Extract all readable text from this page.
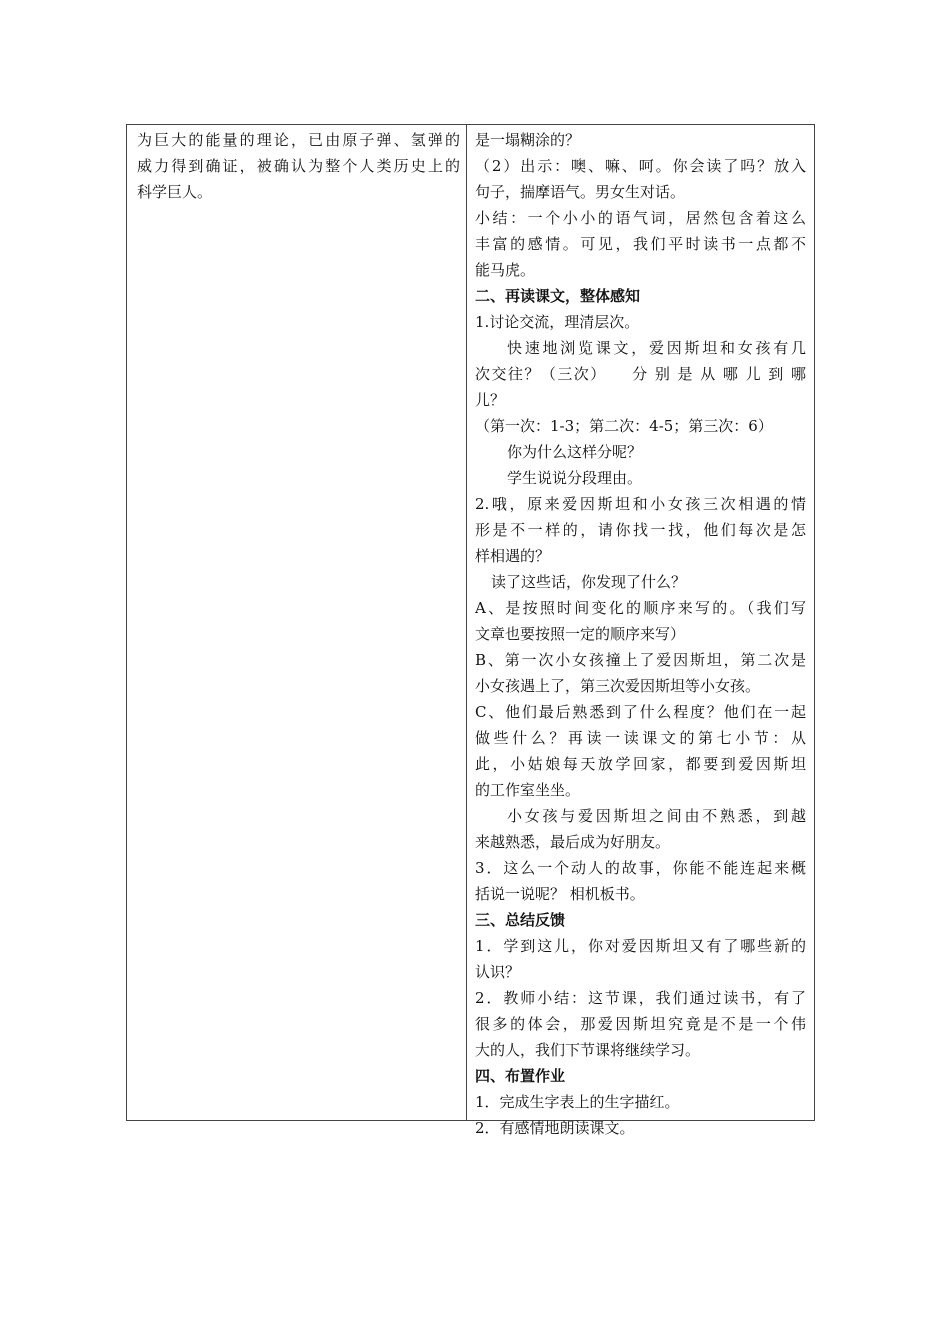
为巨大的能量的理论，已由原子弹、氢弹的
威力得到确证，被确认为整个人类历史上的
科学巨人。
是一塌糊涂的？
（2）出示：噢、嘛、呵。你会读了吗？放入
句子，揣摩语气。男女生对话。
小结：一个小小的语气词，居然包含着这么
丰富的感情。可见，我们平时读书一点都不
能马虎。
二、再读课文，整体感知
1.讨论交流，理清层次。
快速地浏览课文，爱因斯坦和女孩有几
次交往？（三次）　　分 别 是 从 哪 儿 到 哪
儿？
（第一次：1-3；第二次：4-5；第三次：6）
你为什么这样分呢？
学生说说分段理由。
2.哦，原来爱因斯坦和小女孩三次相遇的情
形是不一样的，请你找一找，他们每次是怎
样相遇的？
读了这些话，你发现了什么？
A、是按照时间变化的顺序来写的。（我们写
文章也要按照一定的顺序来写）
B、第一次小女孩撞上了爱因斯坦，第二次是
小女孩遇上了，第三次爱因斯坦等小女孩。
C、他们最后熟悉到了什么程度？他们在一起
做些什么？再读一读课文的第七小节：从
此，小姑娘每天放学回家，都要到爱因斯坦
的工作室坐坐。
小女孩与爱因斯坦之间由不熟悉，到越
来越熟悉，最后成为好朋友。
3．这么一个动人的故事，你能不能连起来概
括说一说呢？ 相机板书。
三、总结反馈
1．学到这儿，你对爱因斯坦又有了哪些新的
认识？
2．教师小结：这节课，我们通过读书，有了
很多的体会，那爱因斯坦究竟是不是一个伟
大的人，我们下节课将继续学习。
四、布置作业
1．完成生字表上的生字描红。
2．有感情地朗读课文。
